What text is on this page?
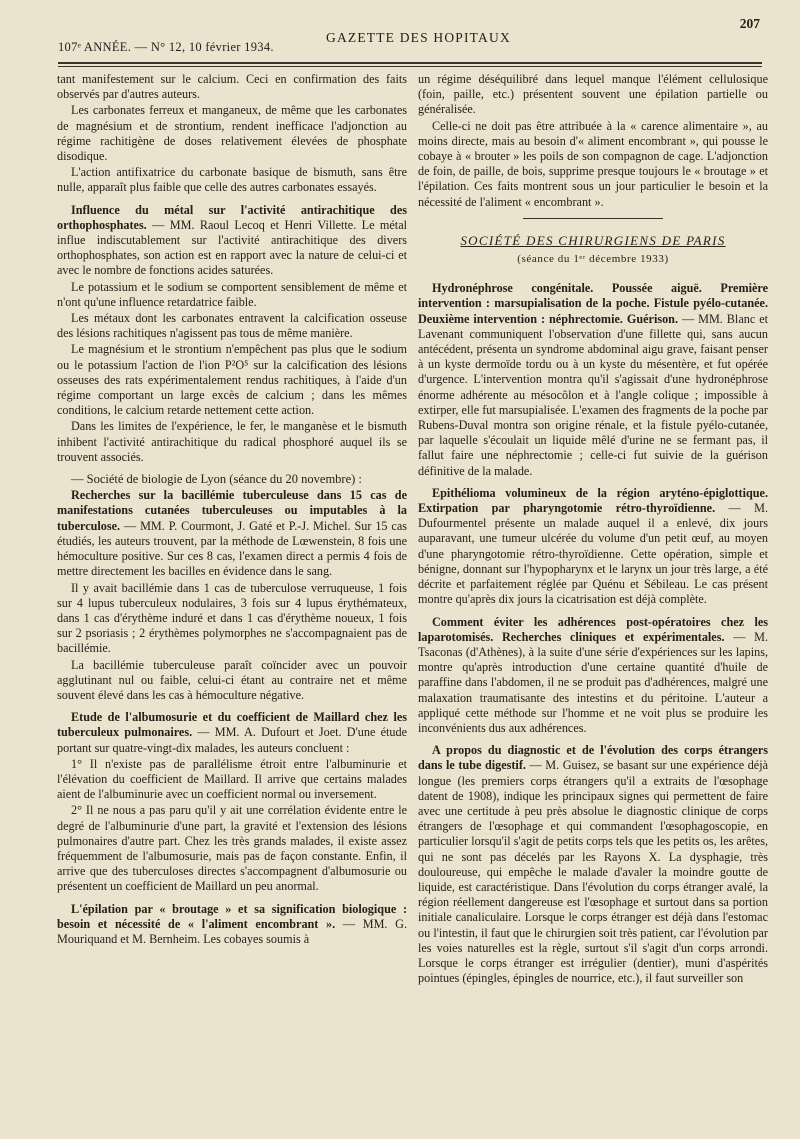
107ᵉ ANNÉE. — N° 12, 10 février 1934.
GAZETTE DES HOPITAUX
207

tant manifestement sur le calcium. Ceci en confirmation des faits observés par d'autres auteurs.

Les carbonates ferreux et manganeux, de même que les carbonates de magnésium et de strontium, rendent inefficace l'adjonction au régime rachitigène de doses relativement élevées de phosphate disodique.

L'action antifixatrice du carbonate basique de bismuth, sans être nulle, apparaît plus faible que celle des autres carbonates essayés.

Influence du métal sur l'activité antirachitique des orthophosphates. — MM. Raoul Lecoq et Henri Villette. Le métal influe indiscutablement sur l'activité antirachitique des divers orthophosphates, son action est en rapport avec la nature de celui-ci et avec le nombre de fonctions acides saturées.

Le potassium et le sodium se comportent sensiblement de même et n'ont qu'une influence retardatrice faible.

Les métaux dont les carbonates entravent la calcification osseuse des lésions rachitiques n'agissent pas tous de même manière.

Le magnésium et le strontium n'empêchent pas plus que le sodium ou le potassium l'action de l'ion P²O⁵ sur la calcification des lésions osseuses des rats expérimentalement rendus rachitiques, à l'aide d'un régime comportant un large excès de calcium ; dans les mêmes conditions, le calcium retarde nettement cette action.

Dans les limites de l'expérience, le fer, le manganèse et le bismuth inhibent l'activité antirachitique du radical phosphoré auquel ils se trouvent associés.

— Société de biologie de Lyon (séance du 20 novembre) :

Recherches sur la bacillémie tuberculeuse dans 15 cas de manifestations cutanées tuberculeuses ou imputables à la tuberculose. — MM. P. Courmont, J. Gaté et P.-J. Michel. Sur 15 cas étudiés, les auteurs trouvent, par la méthode de Lœwenstein, 8 fois une hémoculture positive. Sur ces 8 cas, l'examen direct a permis 4 fois de mettre directement les bacilles en évidence dans le sang.

Il y avait bacillémie dans 1 cas de tuberculose verruqueuse, 1 fois sur 4 lupus tuberculeux nodulaires, 3 fois sur 4 lupus érythémateux, dans 1 cas d'érythème induré et dans 1 cas d'érythème noueux, 1 fois sur 2 psoriasis ; 2 érythèmes polymorphes ne s'accompagnaient pas de bacillémie.

La bacillémie tuberculeuse paraît coïncider avec un pouvoir agglutinant nul ou faible, celui-ci étant au contraire net et même souvent élevé dans les cas à hémoculture négative.

Etude de l'albumosurie et du coefficient de Maillard chez les tuberculeux pulmonaires. — MM. A. Dufourt et Joet. D'une étude portant sur quatre-vingt-dix malades, les auteurs concluent :

1° Il n'existe pas de parallélisme étroit entre l'albuminurie et l'élévation du coefficient de Maillard. Il arrive que certains malades aient de l'albuminurie avec un coefficient normal ou inversement.

2° Il ne nous a pas paru qu'il y ait une corrélation évidente entre le degré de l'albuminurie d'une part, la gravité et l'extension des lésions pulmonaires d'autre part. Chez les très grands malades, il existe assez fréquemment de l'albumosurie, mais pas de façon constante. Enfin, il arrive que des tuberculoses directes s'accompagnent d'albumosurie ou présentent un coefficient de Maillard un peu anormal.

L'épilation par « broutage » et sa signification biologique : besoin et nécessité de « l'aliment encombrant ». — MM. G. Mouriquand et M. Bernheim. Les cobayes soumis à

un régime déséquilibré dans lequel manque l'élément cellulosique (foin, paille, etc.) présentent souvent une épilation partielle ou généralisée.

Celle-ci ne doit pas être attribuée à la « carence alimentaire », au moins directe, mais au besoin d'« aliment encombrant », qui pousse le cobaye à « brouter » les poils de son compagnon de cage. L'adjonction de foin, de paille, de bois, supprime presque toujours le « broutage » et l'épilation. Ces faits montrent sous un jour particulier le besoin et la nécessité de l'aliment « encombrant ».

SOCIÉTÉ DES CHIRURGIENS DE PARIS
(séance du 1ᵉʳ décembre 1933)

Hydronéphrose congénitale. Poussée aiguë. Première intervention : marsupialisation de la poche. Fistule pyélo-cutanée. Deuxième intervention : néphrectomie. Guérison. — MM. Blanc et Lavenant communiquent l'observation d'une fillette qui, sans aucun antécédent, présenta un syndrome abdominal aigu grave, faisant penser à un kyste dermoïde tordu ou à un kyste du mésentère, et fut opérée d'urgence. L'intervention montra qu'il s'agissait d'une hydronéphrose énorme adhérente au mésocôlon et à l'angle colique ; impossible à extirper, elle fut marsupialisée. L'examen des fragments de la poche par Rubens-Duval montra son origine rénale, et la fistule pyélo-cutanée, par laquelle s'écoulait un liquide mêlé d'urine ne se fermant pas, il fallut faire une néphrectomie ; celle-ci fut suivie de la guérison définitive de la malade.

Epithélioma volumineux de la région aryténo-épiglottique. Extirpation par pharyngotomie rétro-thyroïdienne. — M. Dufourmentel présente un malade auquel il a enlevé, dix jours auparavant, une tumeur ulcérée du volume d'un petit œuf, au moyen d'une pharyngotomie rétro-thyroïdienne. Cette opération, simple et bénigne, donnant sur l'hypopharynx et le larynx un jour très large, a été décrite et parfaitement réglée par Quénu et Sébileau. Le cas présent montre qu'après dix jours la cicatrisation est déjà complète.

Comment éviter les adhérences post-opératoires chez les laparotomisés. Recherches cliniques et expérimentales. — M. Tsaconas (d'Athènes), à la suite d'une série d'expériences sur les lapins, montre qu'après introduction d'une certaine quantité d'huile de paraffine dans l'abdomen, il ne se produit pas d'adhérences, malgré une malaxation traumatisante des intestins et du péritoine. L'auteur a appliqué cette méthode sur l'homme et ne voit plus se produire les inconvénients dus aux adhérences.

A propos du diagnostic et de l'évolution des corps étrangers dans le tube digestif. — M. Guisez, se basant sur une expérience déjà longue (les premiers corps étrangers qu'il a extraits de l'œsophage datent de 1908), indique les principaux signes qui permettent de faire avec une certitude à peu près absolue le diagnostic clinique de corps étrangers de l'œsophage et qui commandent l'œsophagoscopie, en particulier lorsqu'il s'agit de petits corps tels que les petits os, les arêtes, qui ne sont pas décelés par les Rayons X. La dysphagie, très douloureuse, qui empêche le malade d'avaler la moindre goutte de liquide, est caractéristique. Dans l'évolution du corps étranger avalé, la région réellement dangereuse est l'œsophage et surtout dans sa portion initiale canaliculaire. Lorsque le corps étranger est déjà dans l'estomac ou l'intestin, il faut que le chirurgien soit très patient, car l'évolution par les voies naturelles est la règle, surtout s'il s'agit d'un corps arrondi. Lorsque le corps étranger est irrégulier (dentier), muni d'aspérités pointues (épingles, épingles de nourrice, etc.), il faut surveiller son
